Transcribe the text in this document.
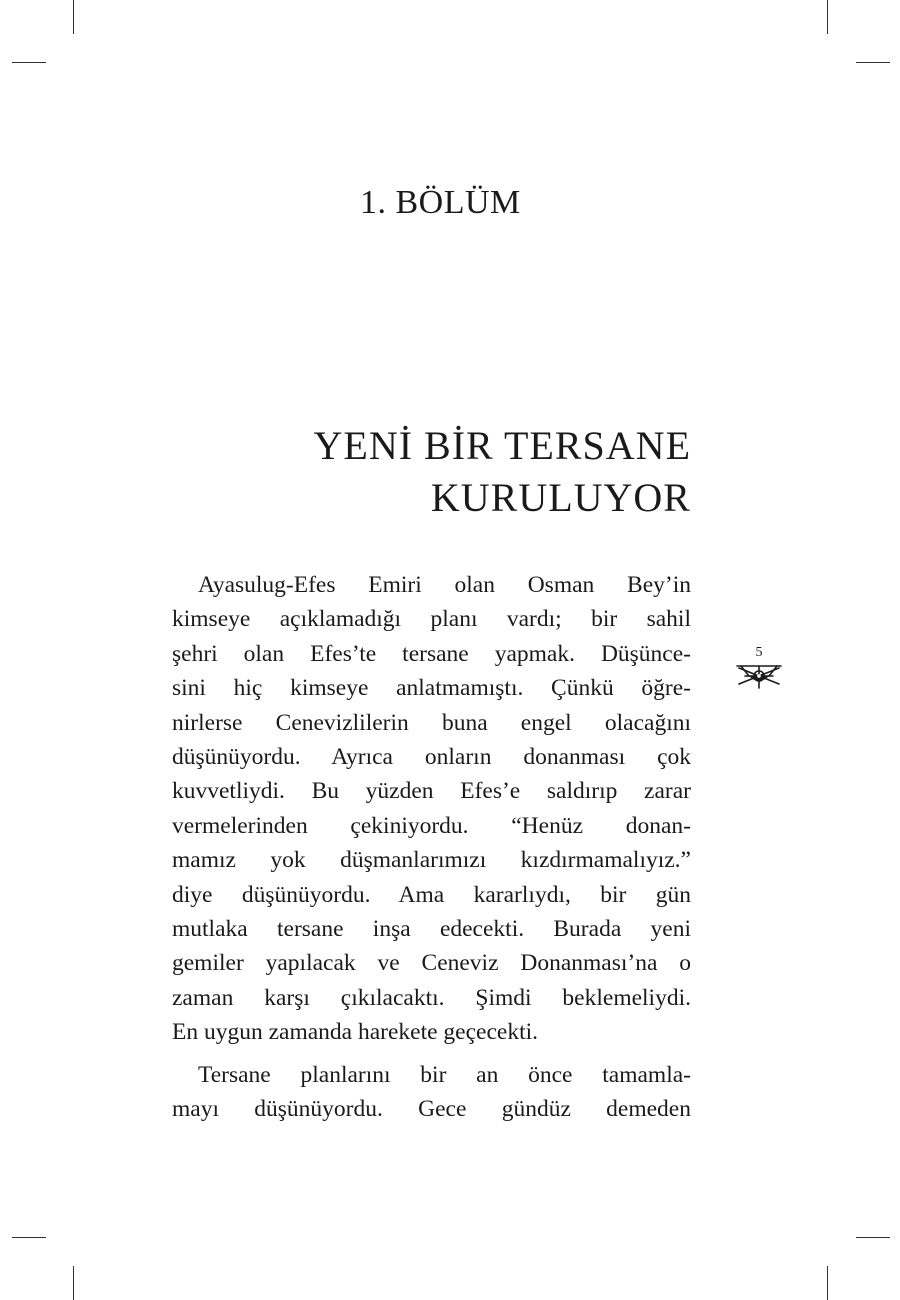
1. BÖLÜM
YENİ BİR TERSANE
KURULUYOR

Ayasulug-Efes Emiri olan Osman Bey’in
kimseye açıklamadığı planı vardı; bir sahil
şehri olan Efes’te tersane yapmak. Düşünce-
sini hiç kimseye anlatmamıştı. Çünkü öğre-
nirlerse Cenevizlilerin buna engel olacağını
düşünüyordu. Ayrıca onların donanması çok
kuvvetliydi. Bu yüzden Efes’e saldırıp zarar
vermelerinden çekiniyordu. “Henüz donan-
mamız yok düşmanlarımızı kızdırmamalıyız.”
diye düşünüyordu. Ama kararlıydı, bir gün
mutlaka tersane inşa edecekti. Burada yeni
gemiler yapılacak ve Ceneviz Donanması’na o
zaman karşı çıkılacaktı. Şimdi beklemeliydi.
En uygun zamanda harekete geçecekti.

Tersane planlarını bir an önce tamamla-
mayı düşünüyordu. Gece gündüz demeden

5
